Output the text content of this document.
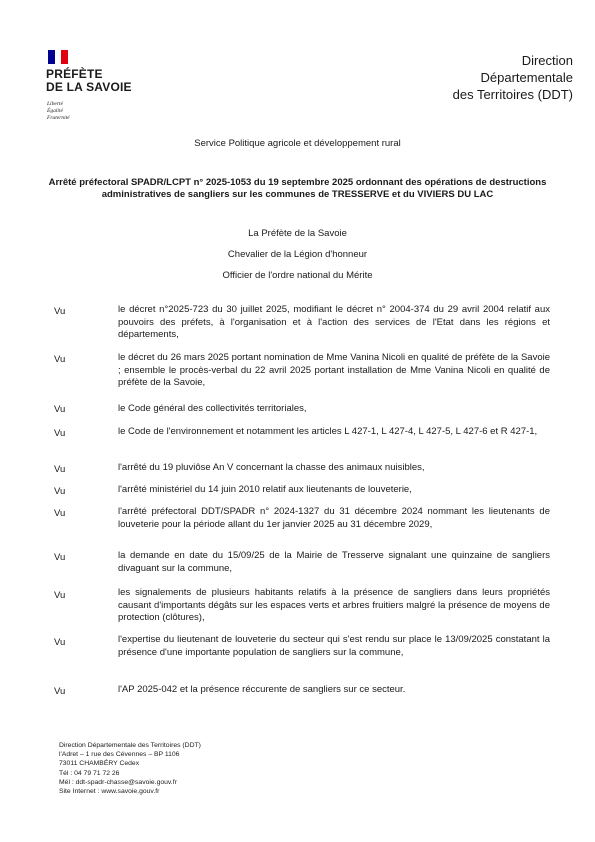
PRÉFÈTE
DE LA SAVOIE
Liberté
Égalité
Fraternité
Direction
Départementale
des Territoires (DDT)
Service Politique agricole et développement rural
Arrêté préfectoral SPADR/LCPT n° 2025-1053 du 19 septembre 2025 ordonnant des opérations de destructions administratives de sangliers sur les communes de TRESSERVE et du VIVIERS DU LAC
La Préfète de la Savoie
Chevalier de la Légion d'honneur
Officier de l'ordre national du Mérite
Vu	le décret n°2025-723 du 30 juillet 2025, modifiant le décret n° 2004-374 du 29 avril 2004 relatif aux pouvoirs des préfets, à l'organisation et à l'action des services de l'Etat dans les régions et départements,
Vu	le décret du 26 mars 2025 portant nomination de Mme Vanina Nicoli en qualité de préfète de la Savoie ; ensemble le procès-verbal du 22 avril 2025 portant installation de Mme Vanina Nicoli en qualité de préfète de la Savoie,
Vu	le Code général des collectivités territoriales,
Vu	le Code de l'environnement et notamment les articles L 427-1, L 427-4, L 427-5, L 427-6 et R 427-1,
Vu	l'arrêté du 19 pluviôse An V concernant la chasse des animaux nuisibles,
Vu	l'arrêté ministériel du 14 juin 2010 relatif aux lieutenants de louveterie,
Vu	l'arrêté préfectoral DDT/SPADR n° 2024-1327 du 31 décembre 2024 nommant les lieutenants de louveterie pour la période allant du 1er janvier 2025 au 31 décembre 2029,
Vu	la demande en date du 15/09/25 de la Mairie de Tresserve signalant une quinzaine de sangliers divaguant sur la commune,
Vu	les signalements de plusieurs habitants relatifs à la présence de sangliers dans leurs propriétés causant d'importants dégâts sur les espaces verts et arbres fruitiers malgré la présence de moyens de protection (clôtures),
Vu	l'expertise du lieutenant de louveterie du secteur qui s'est rendu sur place le 13/09/2025 constatant la présence d'une importante population de sangliers sur la commune,
Vu	l'AP 2025-042 et la présence réccurente de sangliers sur ce secteur.
Direction Départementale des Territoires (DDT)
l'Adret – 1 rue des Cévennes – BP 1106
73011 CHAMBÉRY Cedex
Tél : 04 79 71 72 26
Mél : ddt-spadr-chasse@savoie.gouv.fr
Site Internet : www.savoie.gouv.fr
